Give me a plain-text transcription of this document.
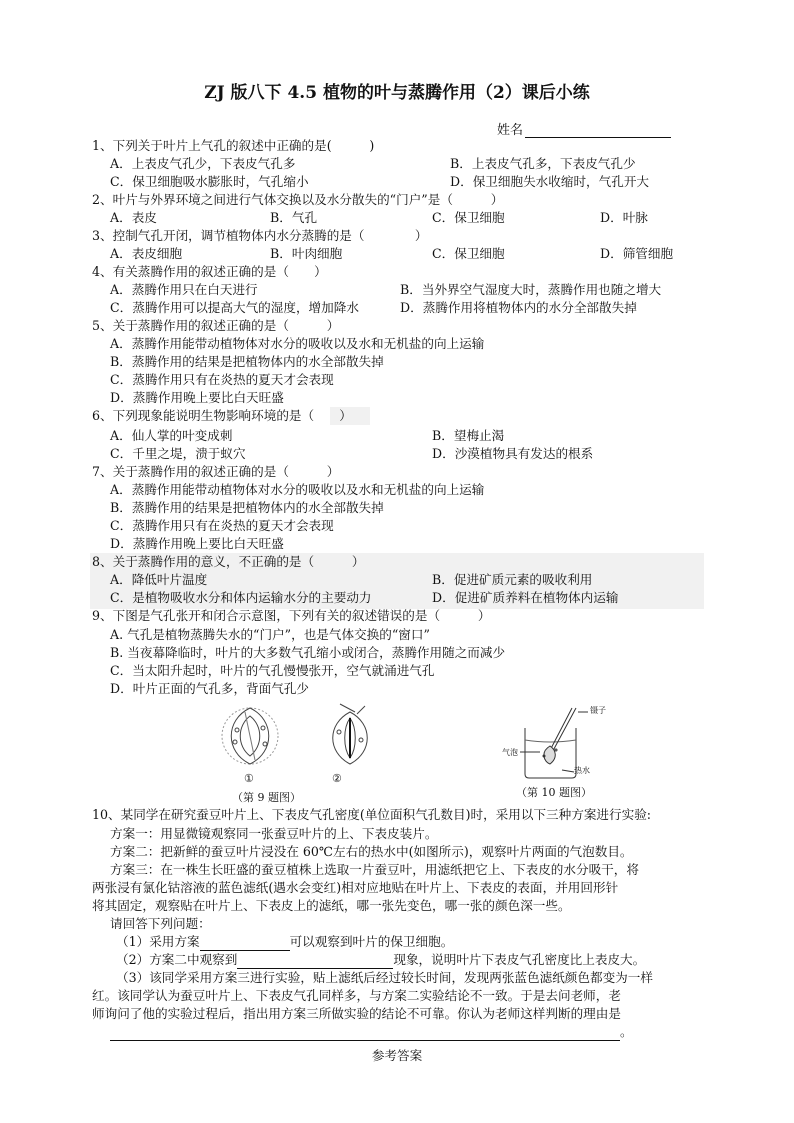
ZJ 版八下 4.5 植物的叶与蒸腾作用（2）课后小练
姓名
1、下列关于叶片上气孔的叙述中正确的是(　　　)
A．上表皮气孔少，下表皮气孔多	B．上表皮气孔多，下表皮气孔少
C．保卫细胞吸水膨胀时，气孔缩小	D．保卫细胞失水收缩时，气孔开大
2、叶片与外界环境之间进行气体交换以及水分散失的“门户”是（　　　）
A．表皮	B．气孔	C．保卫细胞	D．叶脉
3、控制气孔开闭，调节植物体内水分蒸腾的是（　　　　）
A．表皮细胞	B．叶肉细胞	C．保卫细胞	D．筛管细胞
4、有关蒸腾作用的叙述正确的是（　　）
A．蒸腾作用只在白天进行	B．当外界空气湿度大时，蒸腾作用也随之增大
C．蒸腾作用可以提高大气的湿度，增加降水	D．蒸腾作用将植物体内的水分全部散失掉
5、关于蒸腾作用的叙述正确的是（　　　）
A．蒸腾作用能带动植物体对水分的吸收以及水和无机盐的向上运输
B．蒸腾作用的结果是把植物体内的水全部散失掉
C．蒸腾作用只有在炎热的夏天才会表现
D．蒸腾作用晚上要比白天旺盛
6、下列现象能说明生物影响环境的是（　　）
A．仙人掌的叶变成刺	B．望梅止渴
C．千里之堤，溃于蚁穴	D．沙漠植物具有发达的根系
7、关于蒸腾作用的叙述正确的是（　　　）
A．蒸腾作用能带动植物体对水分的吸收以及水和无机盐的向上运输
B．蒸腾作用的结果是把植物体内的水全部散失掉
C．蒸腾作用只有在炎热的夏天才会表现
D．蒸腾作用晚上要比白天旺盛
8、关于蒸腾作用的意义，不正确的是（　　　）
A．降低叶片温度	B．促进矿质元素的吸收利用
C．是植物吸收水分和体内运输水分的主要动力	D．促进矿质养料在植物体内运输
9、下图是气孔张开和闭合示意图，下列有关的叙述错误的是（　　　）
A. 气孔是植物蒸腾失水的“门户”，也是气体交换的“窗口”
B. 当夜幕降临时，叶片的大多数气孔缩小或闭合，蒸腾作用随之而减少
C．当太阳升起时，叶片的气孔慢慢张开，空气就涌进气孔
D．叶片正面的气孔多，背面气孔少
①	②
（第 9 题图）
镊子
气泡
热水
（第 10 题图）
10、某同学在研究蚕豆叶片上、下表皮气孔密度(单位面积气孔数目)时，采用以下三种方案进行实验:
方案一：用显微镜观察同一张蚕豆叶片的上、下表皮装片。
方案二：把新鲜的蚕豆叶片浸没在 60℃左右的热水中(如图所示)，观察叶片两面的气泡数目。
方案三：在一株生长旺盛的蚕豆植株上选取一片蚕豆叶，用滤纸把它上、下表皮的水分吸干，将
两张浸有氯化钴溶液的蓝色滤纸(遇水会变红)相对应地贴在叶片上、下表皮的表面，并用回形针
将其固定，观察贴在叶片上、下表皮上的滤纸，哪一张先变色，哪一张的颜色深一些。
请回答下列问题：
（1）采用方案	可以观察到叶片的保卫细胞。
（2）方案二中观察到	现象，说明叶片下表皮气孔密度比上表皮大。
（3）该同学采用方案三进行实验，贴上滤纸后经过较长时间，发现两张蓝色滤纸颜色都变为一样
红。该同学认为蚕豆叶片上、下表皮气孔同样多，与方案二实验结论不一致。于是去问老师，老
师询问了他的实验过程后，指出用方案三所做实验的结论不可靠。你认为老师这样判断的理由是
。
参考答案
